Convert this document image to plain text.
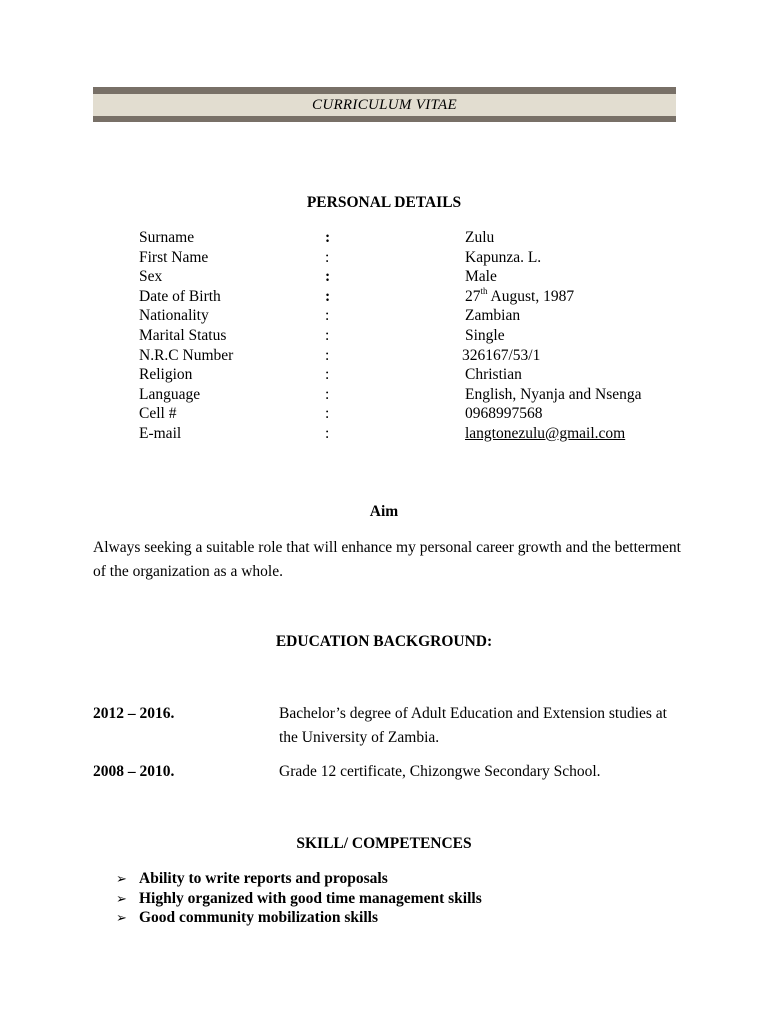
CURRICULUM VITAE
PERSONAL DETAILS
Surname	:	Zulu
First Name	:	Kapunza. L.
Sex	:	Male
Date of Birth	:	27th August, 1987
Nationality	:	Zambian
Marital Status	:	Single
N.R.C Number	:	326167/53/1
Religion	:	Christian
Language	:	English, Nyanja and Nsenga
Cell #	:	0968997568
E-mail	:	langtonezulu@gmail.com
Aim
Always seeking a suitable role that will enhance my personal career growth and the betterment of the organization as a whole.
EDUCATION BACKGROUND:
2012 – 2016.	Bachelor’s degree of Adult Education and Extension studies at the University of Zambia.
2008 – 2010.	Grade 12 certificate, Chizongwe Secondary School.
SKILL/ COMPETENCES
➢ Ability to write reports and proposals
➢ Highly organized with good time management skills
➢ Good community mobilization skills
